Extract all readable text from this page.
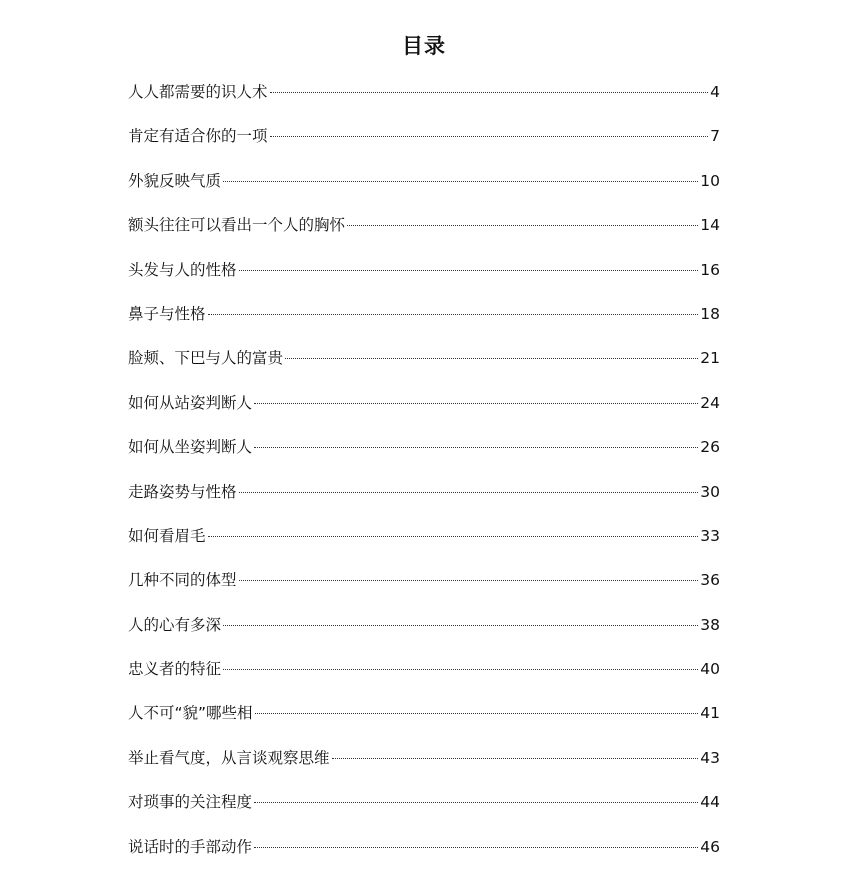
目录
人人都需要的识人术	4
肯定有适合你的一项	7
外貌反映气质	10
额头往往可以看出一个人的胸怀	14
头发与人的性格	16
鼻子与性格	18
脸颊、下巴与人的富贵	21
如何从站姿判断人	24
如何从坐姿判断人	26
走路姿势与性格	30
如何看眉毛	33
几种不同的体型	36
人的心有多深	38
忠义者的特征	40
人不可“貌”哪些相	41
举止看气度，从言谈观察思维	43
对琐事的关注程度	44
说话时的手部动作	46
